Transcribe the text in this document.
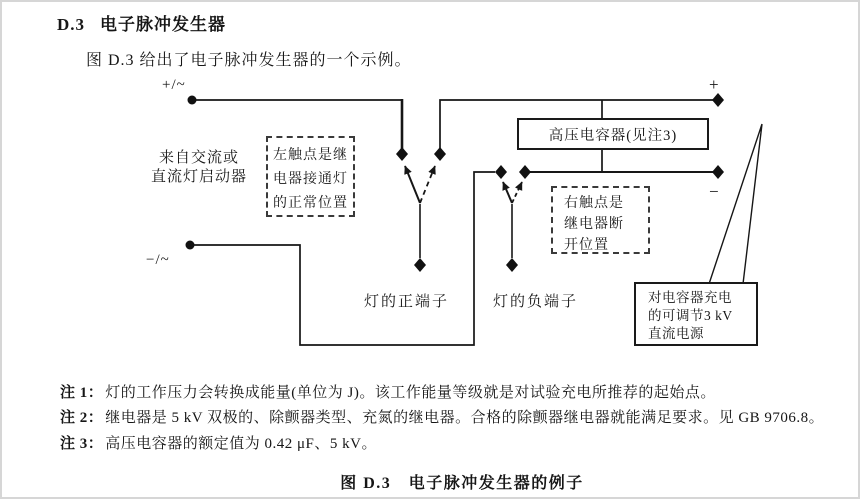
D.3 电子脉冲发生器
图 D.3 给出了电子脉冲发生器的一个示例。
+/~
−/~
+
−
来自交流或
直流灯启动器
左触点是继
电器接通灯
的正常位置	右触点是
继电器断
开位置
高压电容器(见注3)
灯的正端子	灯的负端子	对电容器充电
的可调节3 kV
直流电源
注 1： 灯的工作压力会转换成能量(单位为 J)。该工作能量等级就是对试验充电所推荐的起始点。
注 2： 继电器是 5 kV 双极的、除颤器类型、充氮的继电器。合格的除颤器继电器就能满足要求。见 GB 9706.8。
注 3： 高压电容器的额定值为 0.42 μF、5 kV。
图 D.3　电子脉冲发生器的例子
